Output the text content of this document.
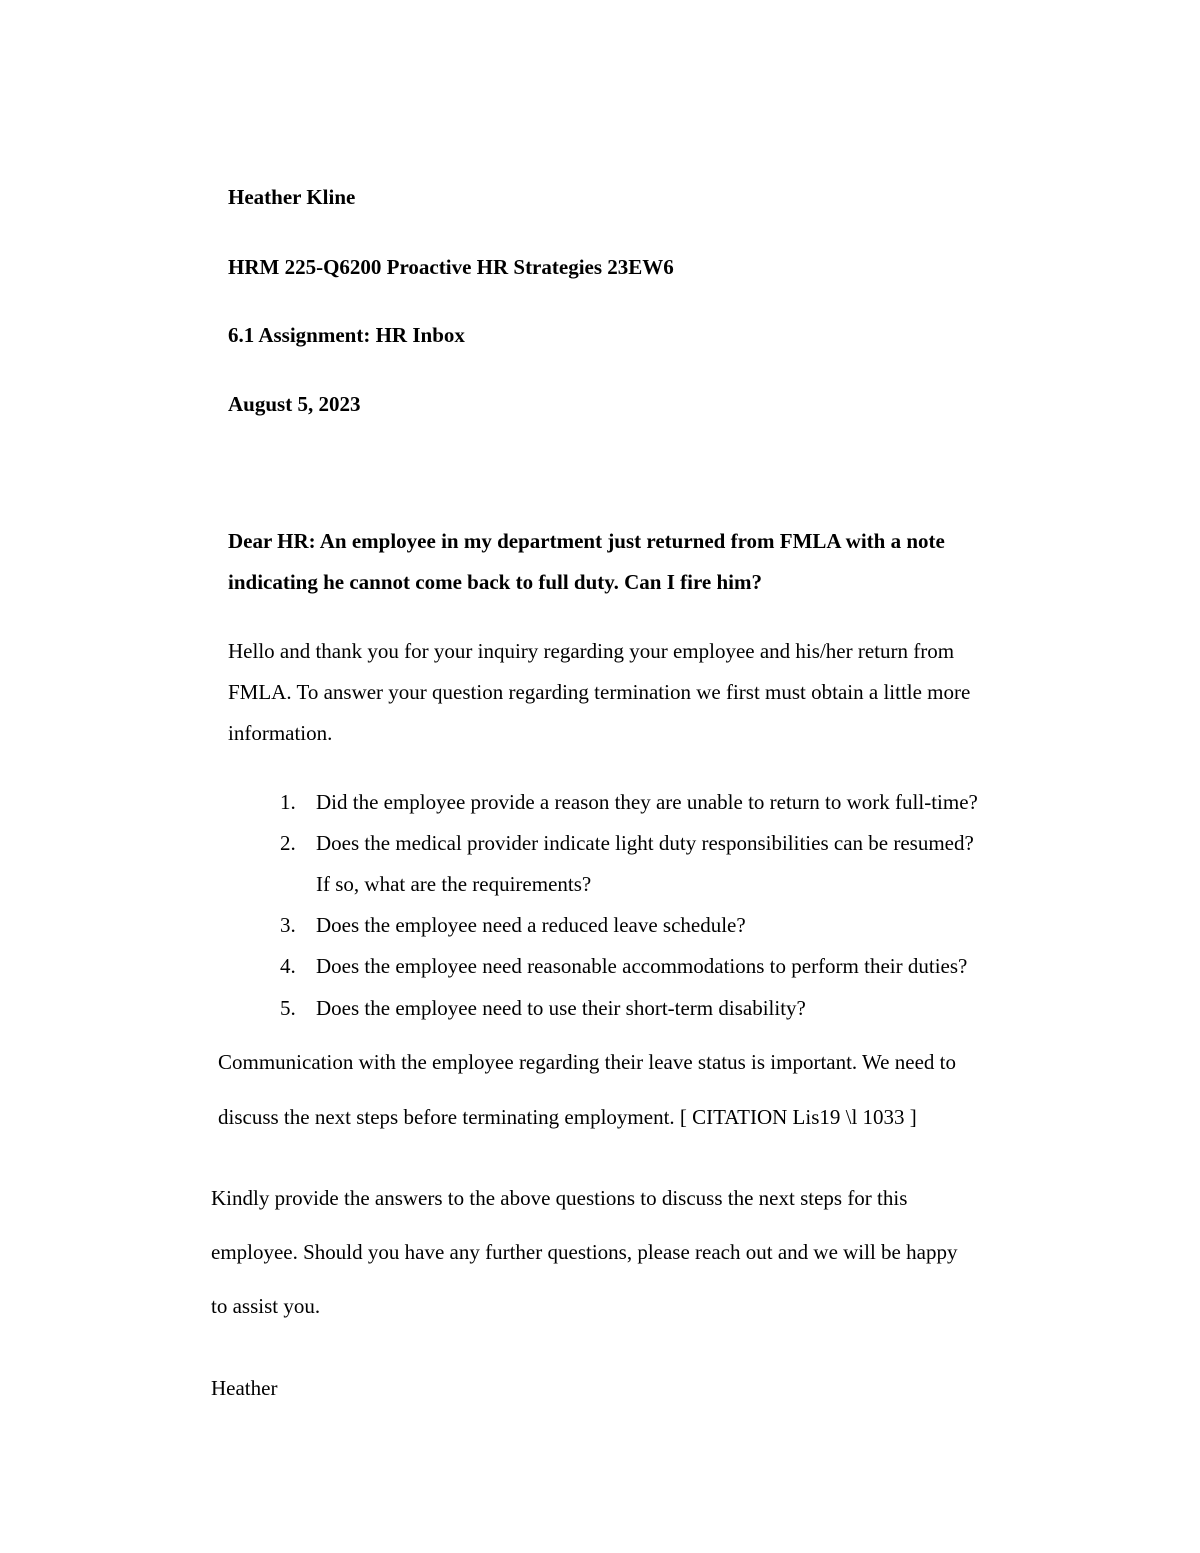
Heather Kline
HRM 225-Q6200 Proactive HR Strategies 23EW6
6.1 Assignment: HR Inbox
August 5, 2023
Dear HR: An employee in my department just returned from FMLA with a note
indicating he cannot come back to full duty. Can I fire him?
Hello and thank you for your inquiry regarding your employee and his/her return from
FMLA. To answer your question regarding termination we first must obtain a little more
information.
1. Did the employee provide a reason they are unable to return to work full-time?
2. Does the medical provider indicate light duty responsibilities can be resumed?
If so, what are the requirements?
3. Does the employee need a reduced leave schedule?
4. Does the employee need reasonable accommodations to perform their duties?
5. Does the employee need to use their short-term disability?
Communication with the employee regarding their leave status is important. We need to
discuss the next steps before terminating employment. [ CITATION Lis19 \l 1033 ]
Kindly provide the answers to the above questions to discuss the next steps for this
employee. Should you have any further questions, please reach out and we will be happy
to assist you.
Heather
